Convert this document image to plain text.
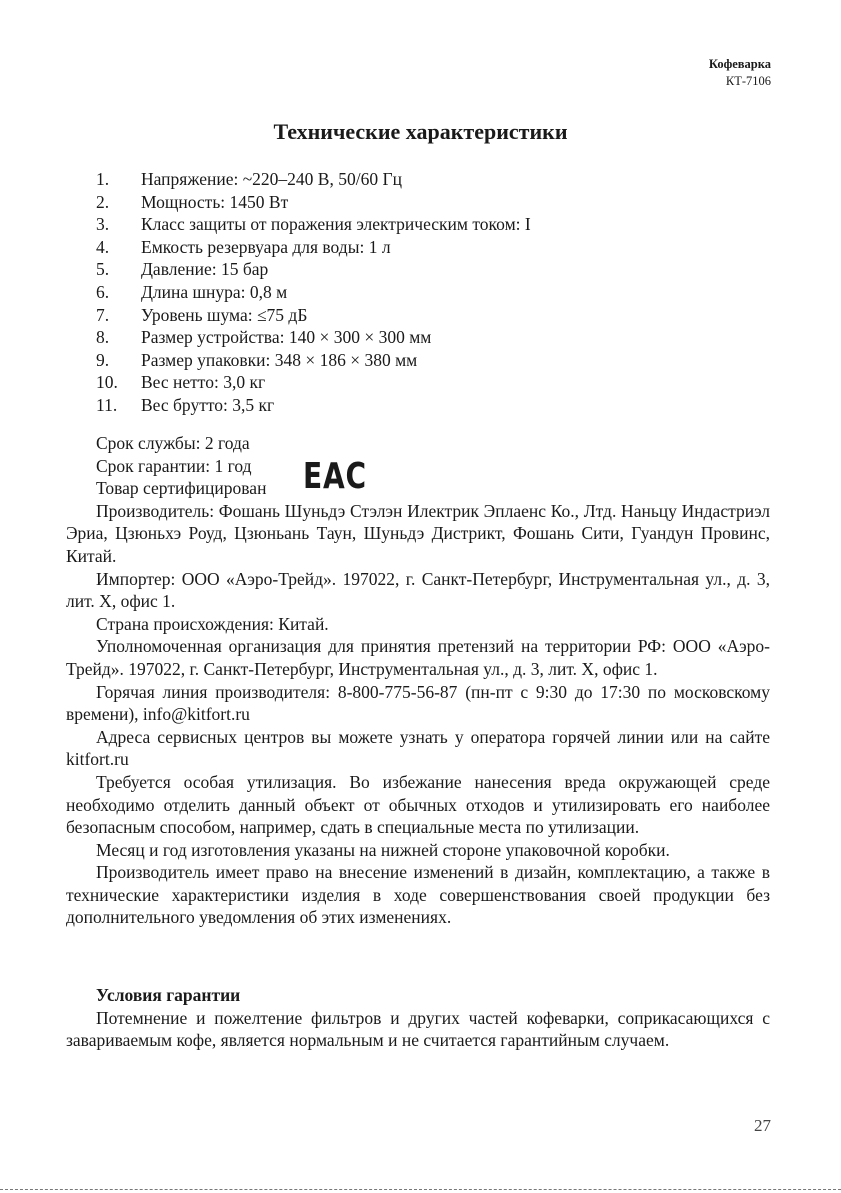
Кофеварка
КТ-7106
Технические характеристики
1. Напряжение: ~220–240 В, 50/60 Гц
2. Мощность: 1450 Вт
3. Класс защиты от поражения электрическим током: I
4. Емкость резервуара для воды: 1 л
5. Давление: 15 бар
6. Длина шнура: 0,8 м
7. Уровень шума: ≤75 дБ
8. Размер устройства: 140 × 300 × 300 мм
9. Размер упаковки: 348 × 186 × 380 мм
10. Вес нетто: 3,0 кг
11. Вес брутто: 3,5 кг

Срок службы: 2 года

Срок гарантии: 1 год

Товар сертифицирован

Производитель: Фошань Шуньдэ Стэлэн Илектрик Эплаенс Ко., Лтд. Наньцу Индастриэл Эриа, Цзюньхэ Роуд, Цзюньань Таун, Шуньдэ Дистрикт, Фошань Сити, Гуандун Провинс, Китай.

Импортер: ООО «Аэро-Трейд». 197022, г. Санкт-Петербург, Инструментальная ул., д. 3, лит. Х, офис 1.

Страна происхождения: Китай.

Уполномоченная организация для принятия претензий на территории РФ: ООО «Аэро-Трейд». 197022, г. Санкт-Петербург, Инструментальная ул., д. 3, лит. Х, офис 1.

Горячая линия производителя: 8-800-775-56-87 (пн-пт с 9:30 до 17:30 по московскому времени), info@kitfort.ru

Адреса сервисных центров вы можете узнать у оператора горячей линии или на сайте kitfort.ru

Требуется особая утилизация. Во избежание нанесения вреда окружающей среде необходимо отделить данный объект от обычных отходов и утилизировать его наиболее безопасным способом, например, сдать в специальные места по утилизации.

Месяц и год изготовления указаны на нижней стороне упаковочной коробки.

Производитель имеет право на внесение изменений в дизайн, комплектацию, а также в технические характеристики изделия в ходе совершенствования своей продукции без дополнительного уведомления об этих изменениях.

EAC
Условия гарантии

Потемнение и пожелтение фильтров и других частей кофеварки, соприкасающихся с завариваемым кофе, является нормальным и не считается гарантийным случаем.

27
